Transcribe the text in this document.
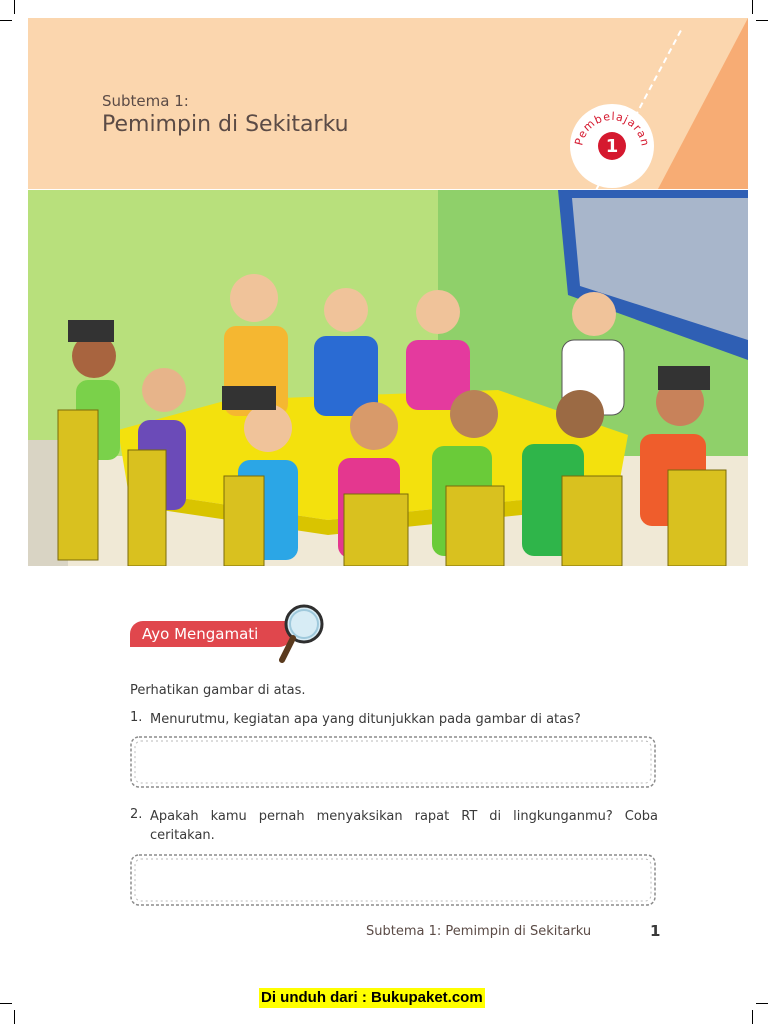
Subtema 1:
Pemimpin di Sekitarku
Pembelajaran
1
Ayo Mengamati
Perhatikan gambar di atas.
1. Menurutmu, kegiatan apa yang ditunjukkan pada gambar di atas?
2. Apakah kamu pernah menyaksikan rapat RT di lingkunganmu? Coba ceritakan.
Subtema 1: Pemimpin di Sekitarku	1
Di unduh dari : Bukupaket.com
